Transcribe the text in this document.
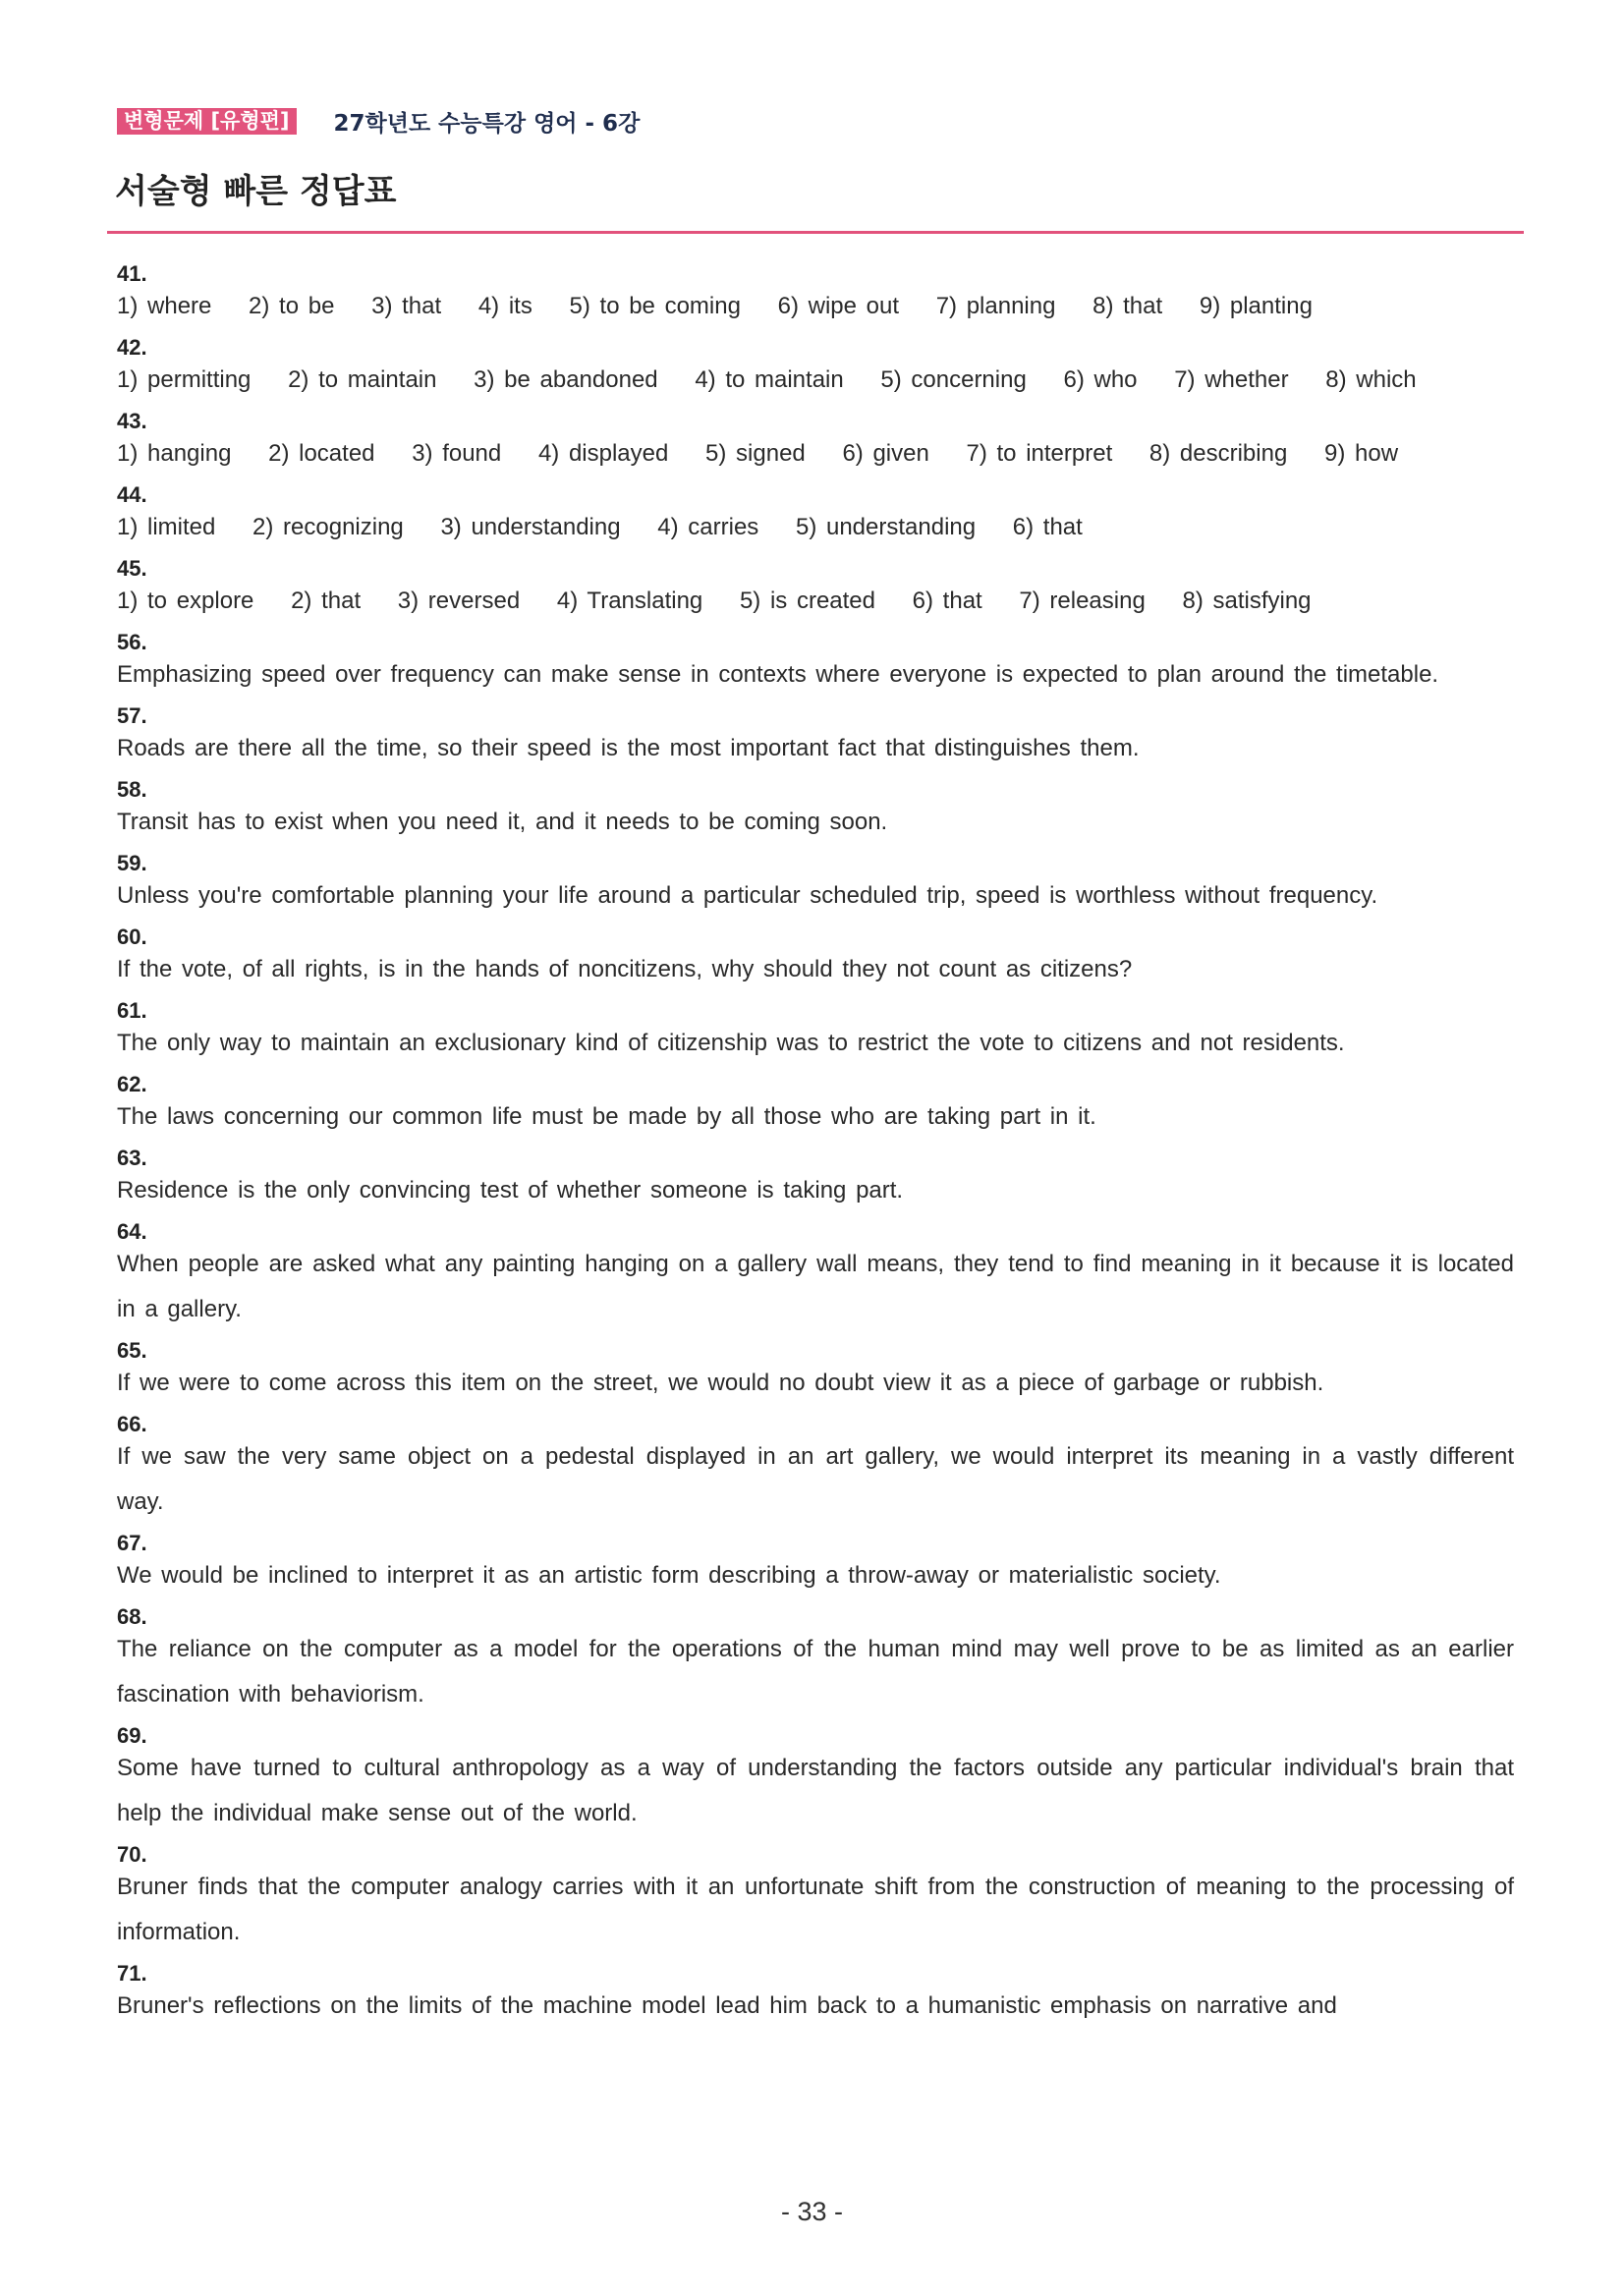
변형문제 [유형편]	27학년도 수능특강 영어 - 6강
서술형 빠른 정답표
41.
1) where 2) to be 3) that 4) its 5) to be coming 6) wipe out 7) planning 8) that 9) planting
42.
1) permitting 2) to maintain 3) be abandoned 4) to maintain 5) concerning 6) who 7) whether 8) which
43.
1) hanging 2) located 3) found 4) displayed 5) signed 6) given 7) to interpret 8) describing 9) how
44.
1) limited 2) recognizing 3) understanding 4) carries 5) understanding 6) that
45.
1) to explore 2) that 3) reversed 4) Translating 5) is created 6) that 7) releasing 8) satisfying
56.
Emphasizing speed over frequency can make sense in contexts where everyone is expected to plan around the timetable.
57.
Roads are there all the time, so their speed is the most important fact that distinguishes them.
58.
Transit has to exist when you need it, and it needs to be coming soon.
59.
Unless you're comfortable planning your life around a particular scheduled trip, speed is worthless without frequency.
60.
If the vote, of all rights, is in the hands of noncitizens, why should they not count as citizens?
61.
The only way to maintain an exclusionary kind of citizenship was to restrict the vote to citizens and not residents.
62.
The laws concerning our common life must be made by all those who are taking part in it.
63.
Residence is the only convincing test of whether someone is taking part.
64.
When people are asked what any painting hanging on a gallery wall means, they tend to find meaning in it because it is located in a gallery.
65.
If we were to come across this item on the street, we would no doubt view it as a piece of garbage or rubbish.
66.
If we saw the very same object on a pedestal displayed in an art gallery, we would interpret its meaning in a vastly different way.
67.
We would be inclined to interpret it as an artistic form describing a throw-away or materialistic society.
68.
The reliance on the computer as a model for the operations of the human mind may well prove to be as limited as an earlier fascination with behaviorism.
69.
Some have turned to cultural anthropology as a way of understanding the factors outside any particular individual's brain that help the individual make sense out of the world.
70.
Bruner finds that the computer analogy carries with it an unfortunate shift from the construction of meaning to the processing of information.
71.
Bruner's reflections on the limits of the machine model lead him back to a humanistic emphasis on narrative and
- 33 -
